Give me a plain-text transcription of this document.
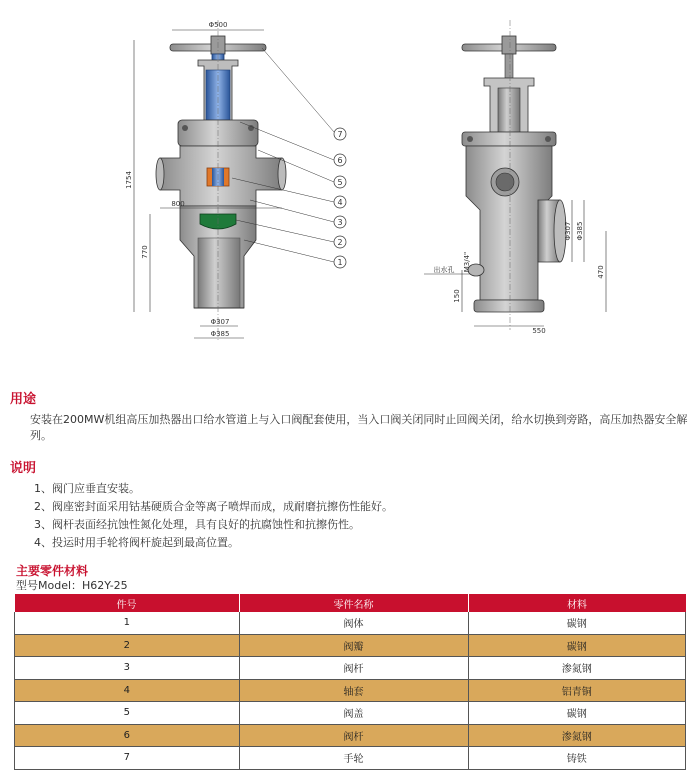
Φ500
1754
770
800
Φ307
Φ385
7
6
5
4
3
2
1
Φ307 Φ385
470
550
150
M3/4"
出水孔
用途
安装在200MW机组高压加热器出口给水管道上与入口阀配套使用，当入口阀关闭同时止回阀关闭，给水切换到旁路，高压加热器安全解列。
说明
1、阀门应垂直安装。
2、阀座密封面采用钴基硬质合金等离子喷焊而成，成耐磨抗擦伤性能好。
3、阀杆表面经抗蚀性氮化处理，具有良好的抗腐蚀性和抗擦伤性。
4、投运时用手轮将阀杆旋起到最高位置。
主要零件材料
型号Model：H62Y-25
件号	零件名称	材料
1	阀体	碳钢
2	阀瓣	碳钢
3	阀杆	渗氮钢
4	轴套	铝青铜
5	阀盖	碳钢
6	阀杆	渗氮钢
7	手轮	铸铁
